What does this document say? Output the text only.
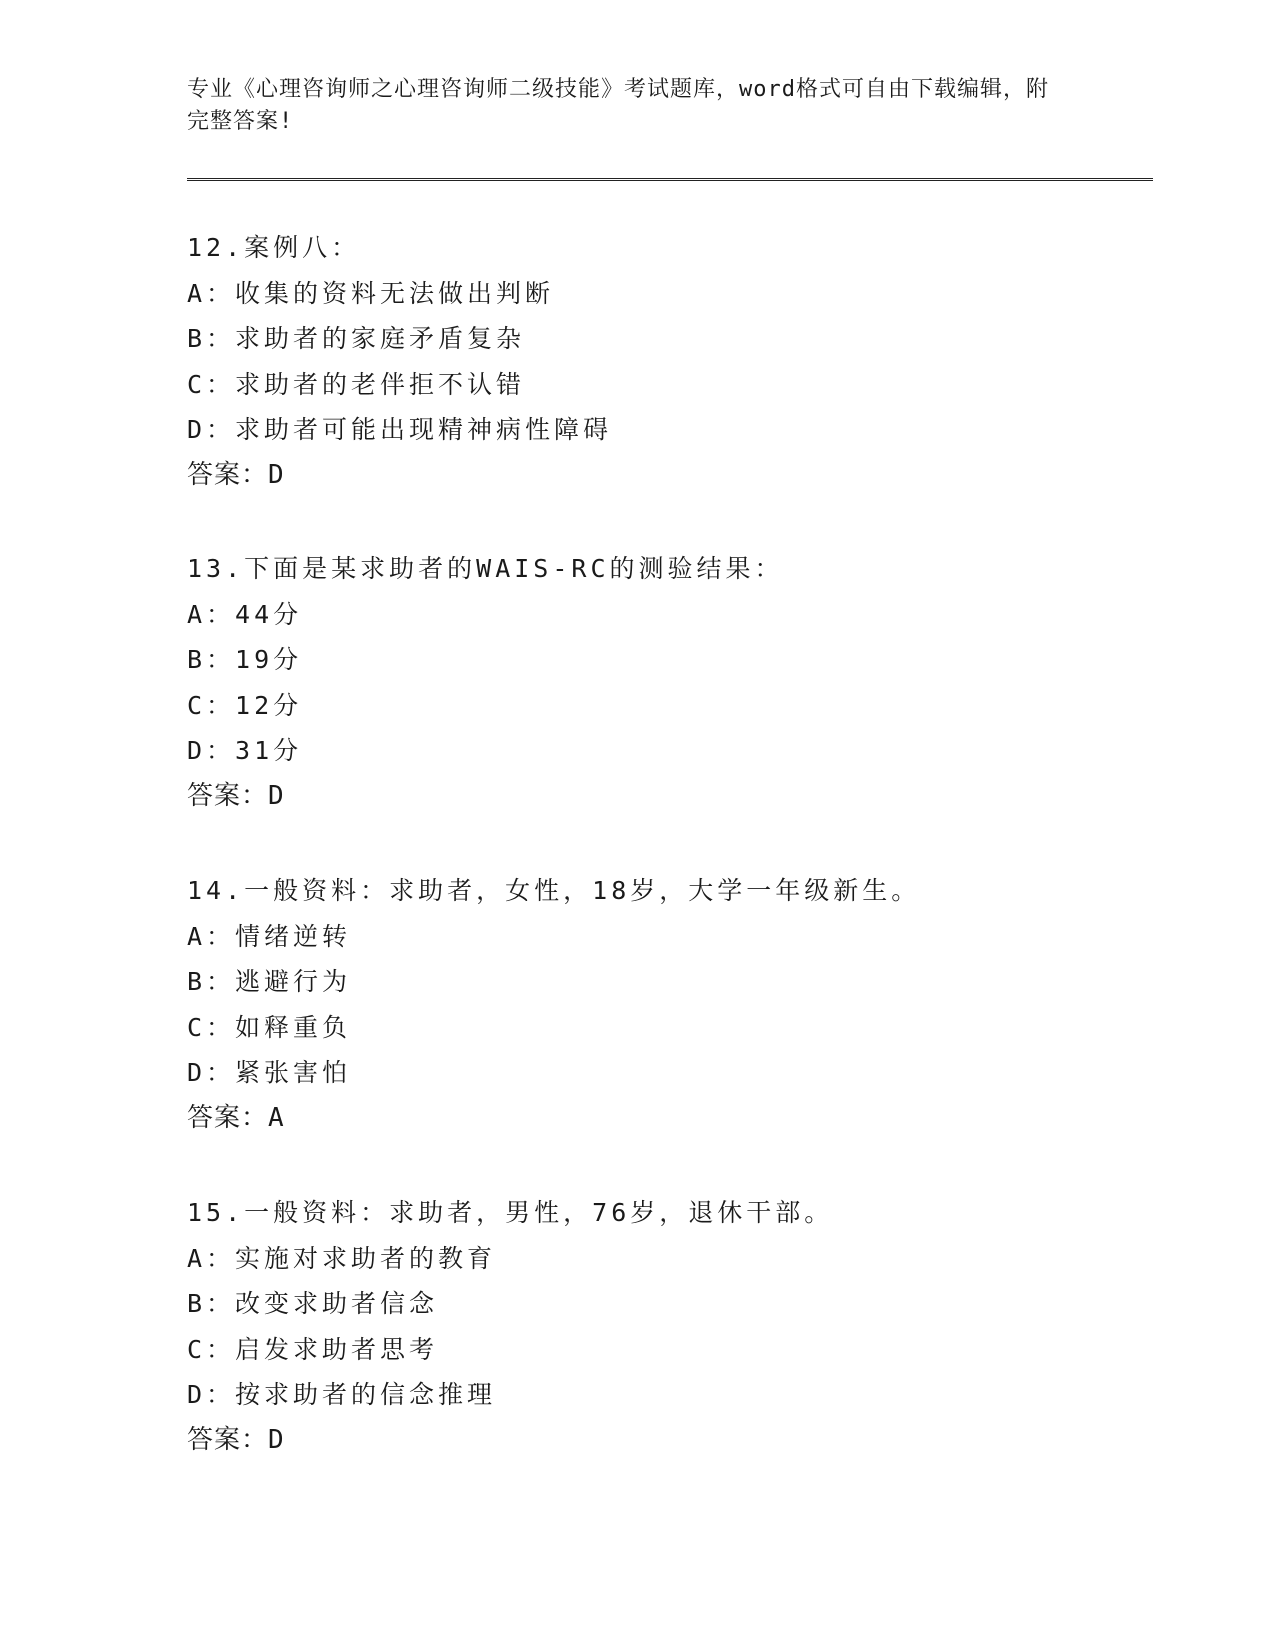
专业《心理咨询师之心理咨询师二级技能》考试题库，word格式可自由下载编辑，附完整答案!
12.案例八：
A：收集的资料无法做出判断
B：求助者的家庭矛盾复杂
C：求助者的老伴拒不认错
D：求助者可能出现精神病性障碍
答案：D
13.下面是某求助者的WAIS-RC的测验结果：
A：44分
B：19分
C：12分
D：31分
答案：D
14.一般资料：求助者，女性，18岁，大学一年级新生。
A：情绪逆转
B：逃避行为
C：如释重负
D：紧张害怕
答案：A
15.一般资料：求助者，男性，76岁，退休干部。
A：实施对求助者的教育
B：改变求助者信念
C：启发求助者思考
D：按求助者的信念推理
答案：D
